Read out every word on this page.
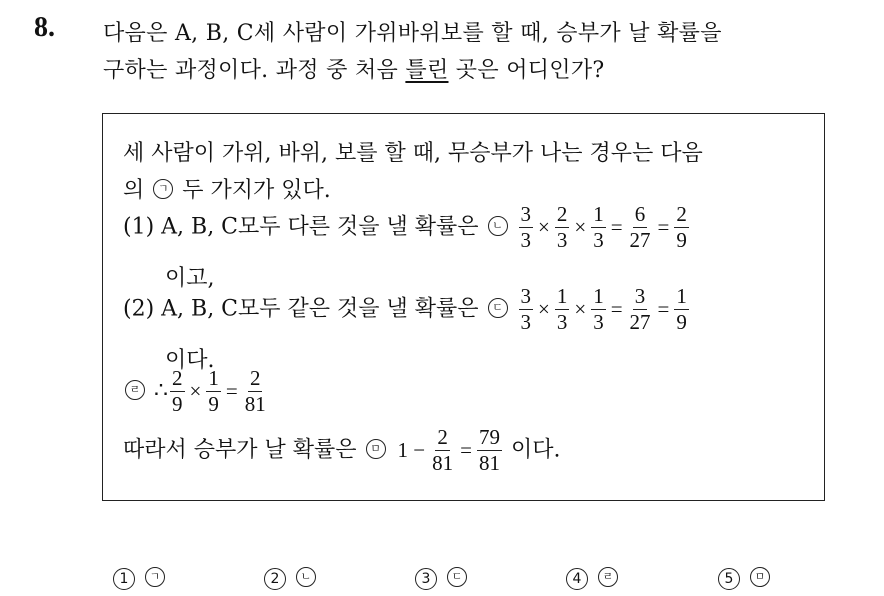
8. 다음은 A, B, C세 사람이 가위바위보를 할 때, 승부가 날 확률을
구하는 과정이다. 과정 중 처음 틀린 곳은 어디인가?
세 사람이 가위, 바위, 보를 할 때, 무승부가 나는 경우는 다음
의 ㄱ 두 가지가 있다.
(1) A, B, C모두 다른 것을 낼 확률은 ㄴ $\frac{3}{3} \times \frac{2}{3} \times \frac{1}{3} = \frac{6}{27} = \frac{2}{9}$
이고,
(2) A, B, C모두 같은 것을 낼 확률은 ㄷ $\frac{3}{3} \times \frac{1}{3} \times \frac{1}{3} = \frac{3}{27} = \frac{1}{9}$
이다.
ㄹ ∴ $\frac{2}{9} \times \frac{1}{9} = \frac{2}{81}$
따라서 승부가 날 확률은 ㅁ $1 - \frac{2}{81} = \frac{79}{81}$ 이다.
1	ㄱ	2	ㄴ	3	ㄷ	4	ㄹ	5	ㅁ
